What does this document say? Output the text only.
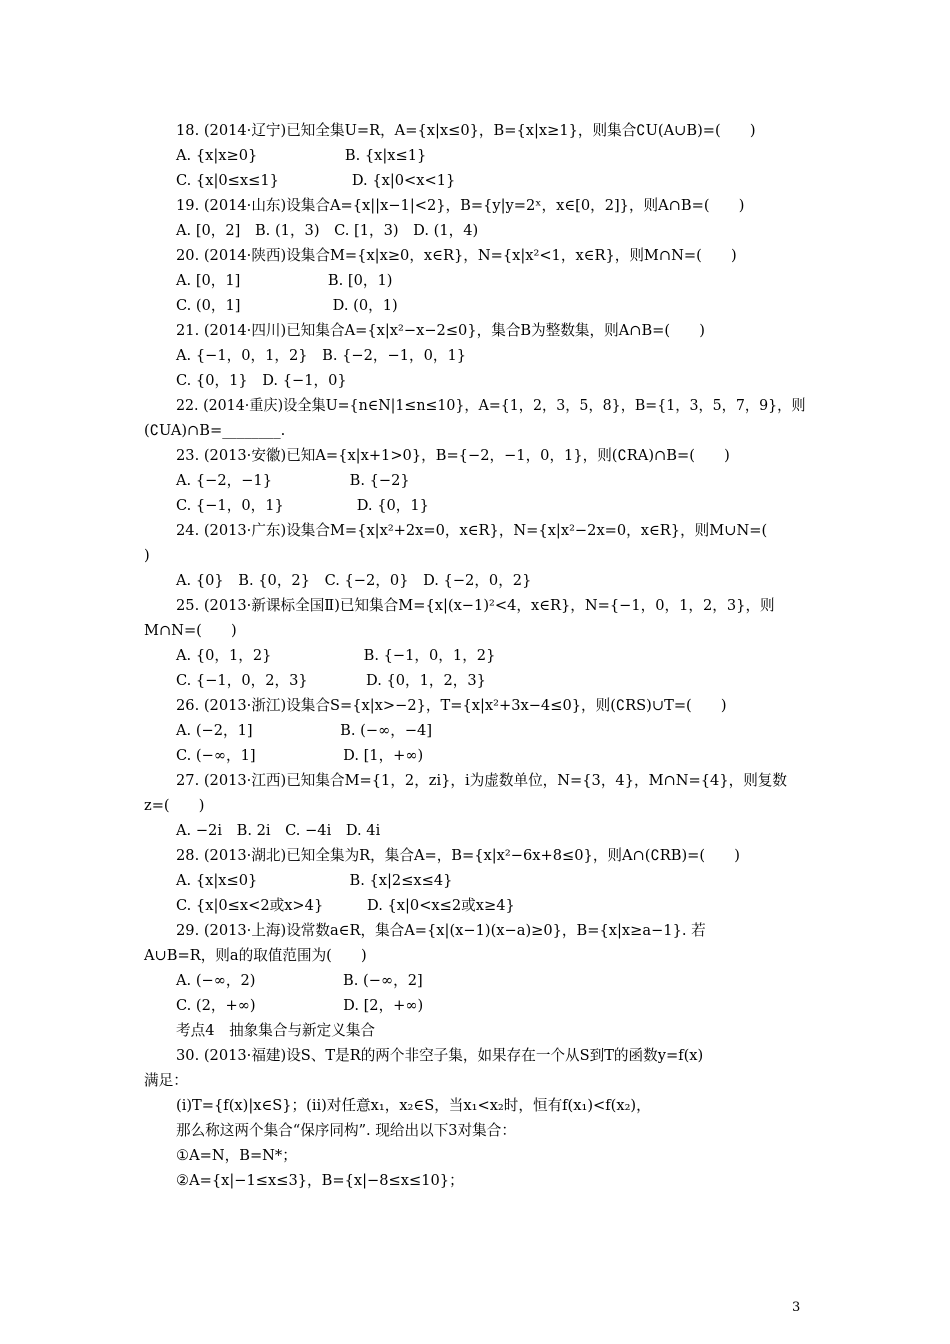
18. (2014·辽宁)已知全集U=R，A={x|x≤0}，B={x|x≥1}，则集合∁U(A∪B)=(　　)
A. {x|x≥0}　　　　　　B. {x|x≤1}
C. {x|0≤x≤1}　　　　　D. {x|0<x<1}
19. (2014·山东)设集合A={x||x−1|<2}，B={y|y=2ˣ，x∈[0，2]}，则A∩B=(　　)
A. [0，2]　B. (1，3)　C. [1，3)　D. (1，4)
20. (2014·陕西)设集合M={x|x≥0，x∈R}，N={x|x²<1，x∈R}，则M∩N=(　　)
A. [0，1]　　　　　　B. [0，1)
C. (0，1]　　　　　　 D. (0，1)
21. (2014·四川)已知集合A={x|x²−x−2≤0}，集合B为整数集，则A∩B=(　　)
A. {−1，0，1，2}　B. {−2，−1，0，1}
C. {0，1}　D. {−1，0}
22. (2014·重庆)设全集U={n∈N|1≤n≤10}，A={1，2，3，5，8}，B={1，3，5，7，9}，则
(∁UA)∩B=________.
23. (2013·安徽)已知A={x|x+1>0}，B={−2，−1，0，1}，则(∁RA)∩B=(　　)
A. {−2，−1}　　　　　 B. {−2}
C. {−1，0，1}　　　　　D. {0，1}
24. (2013·广东)设集合M={x|x²+2x=0，x∈R}，N={x|x²−2x=0，x∈R}，则M∪N=(
)
A. {0}　B. {0，2}　C. {−2，0}　D. {−2，0，2}
25. (2013·新课标全国Ⅱ)已知集合M={x|(x−1)²<4，x∈R}，N={−1，0，1，2，3}，则
M∩N=(　　)
A. {0，1，2}　　　　　　 B. {−1，0，1，2}
C. {−1，0，2，3}　　　　D. {0，1，2，3}
26. (2013·浙江)设集合S={x|x>−2}，T={x|x²+3x−4≤0}，则(∁RS)∪T=(　　)
A. (−2，1]　　　　　　B. (−∞，−4]
C. (−∞，1]　　　　　　D. [1，+∞)
27. (2013·江西)已知集合M={1，2，zi}，i为虚数单位，N={3，4}，M∩N={4}，则复数
z=(　　)
A. −2i　B. 2i　C. −4i　D. 4i
28. (2013·湖北)已知全集为R，集合A=，B={x|x²−6x+8≤0}，则A∩(∁RB)=(　　)
A. {x|x≤0}　　　　　　 B. {x|2≤x≤4}
C. {x|0≤x<2或x>4}　　　D. {x|0<x≤2或x≥4}
29. (2013·上海)设常数a∈R，集合A={x|(x−1)(x−a)≥0}，B={x|x≥a−1}. 若
A∪B=R，则a的取值范围为(　　)
A. (−∞，2)　　　　　　B. (−∞，2]
C. (2，+∞)　　　　　　D. [2，+∞)
考点4　抽象集合与新定义集合
30. (2013·福建)设S、T是R的两个非空子集，如果存在一个从S到T的函数y=f(x)
满足：
(ⅰ)T={f(x)|x∈S}；(ⅱ)对任意x₁，x₂∈S，当x₁<x₂时，恒有f(x₁)<f(x₂)，
那么称这两个集合“保序同构”. 现给出以下3对集合：
①A=N，B=N*；
②A={x|−1≤x≤3}，B={x|−8≤x≤10}；
3
